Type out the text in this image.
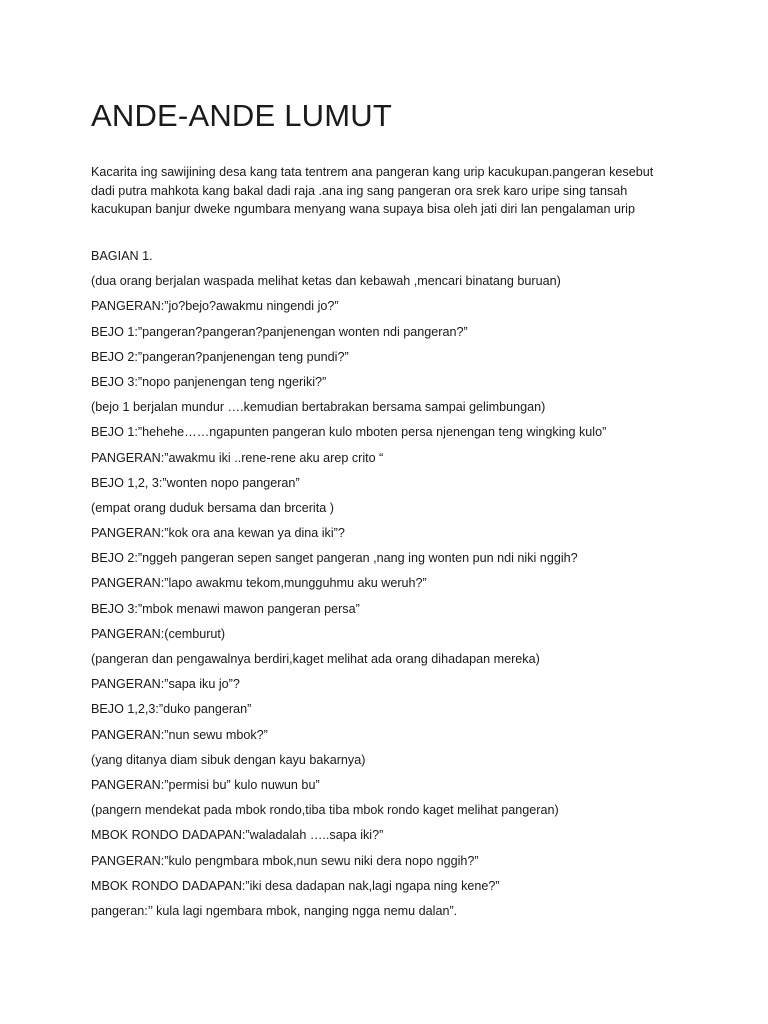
ANDE-ANDE LUMUT

Kacarita ing sawijining desa kang tata tentrem ana pangeran kang urip kacukupan.pangeran kesebut
dadi putra mahkota kang bakal dadi raja .ana ing sang pangeran ora srek karo uripe sing tansah
kacukupan banjur dweke ngumbara menyang wana supaya bisa oleh jati diri lan pengalaman urip

BAGIAN 1.
(dua orang berjalan waspada melihat ketas dan kebawah ,mencari binatang buruan)
PANGERAN:”jo?bejo?awakmu ningendi jo?”
BEJO 1:”pangeran?pangeran?panjenengan wonten ndi pangeran?”
BEJO 2:”pangeran?panjenengan teng pundi?”
BEJO 3:”nopo panjenengan teng ngeriki?”
(bejo 1 berjalan mundur ….kemudian bertabrakan bersama sampai gelimbungan)
BEJO 1:”hehehe……ngapunten pangeran kulo mboten persa njenengan teng wingking kulo”
PANGERAN:”awakmu iki ..rene-rene aku arep crito “
BEJO 1,2, 3:”wonten nopo pangeran”
(empat orang duduk bersama dan brcerita )
PANGERAN:”kok ora ana kewan ya dina iki”?
BEJO 2:”nggeh pangeran sepen sanget pangeran ,nang ing wonten pun ndi niki nggih?
PANGERAN:”lapo awakmu tekom,mungguhmu aku weruh?”
BEJO 3:”mbok menawi mawon pangeran persa”
PANGERAN:(cemburut)
(pangeran dan pengawalnya berdiri,kaget melihat ada orang dihadapan mereka)
PANGERAN:”sapa iku jo”?
BEJO 1,2,3:”duko pangeran”
PANGERAN:”nun sewu mbok?”
(yang ditanya diam sibuk dengan kayu bakarnya)
PANGERAN:”permisi bu” kulo nuwun bu”
(pangern mendekat pada mbok rondo,tiba tiba mbok rondo kaget melihat pangeran)
MBOK RONDO DADAPAN:”waladalah …..sapa iki?”
PANGERAN:”kulo pengmbara mbok,nun sewu niki dera nopo nggih?”
MBOK RONDO DADAPAN:”iki desa dadapan nak,lagi ngapa ning kene?”
pangeran:’’ kula lagi ngembara mbok, nanging ngga nemu dalan”.
